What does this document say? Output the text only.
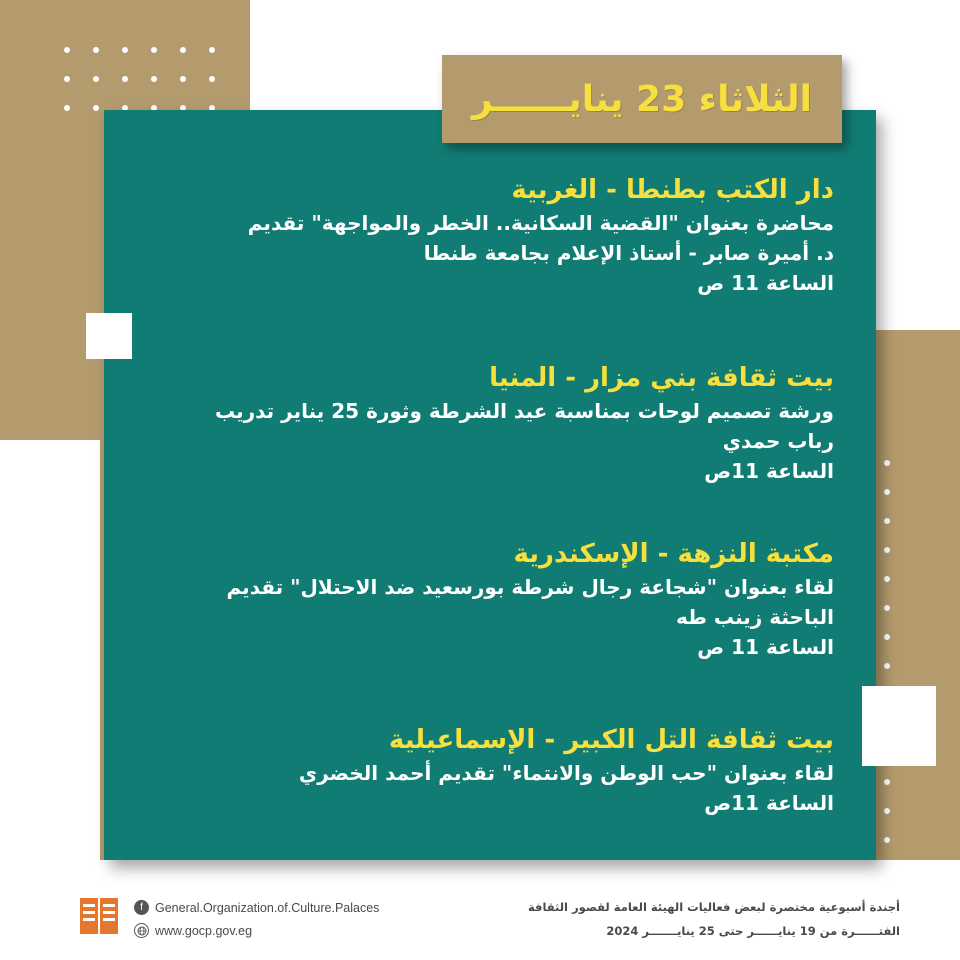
الثلاثاء 23 ينايــــــر
دار الكتب بطنطا - الغربية
محاضرة بعنوان "القضية السكانية.. الخطر والمواجهة" تقديم
د. أميرة صابر - أستاذ الإعلام بجامعة طنطا
الساعة 11 ص
بيت ثقافة بني مزار - المنيا
ورشة تصميم لوحات بمناسبة عيد الشرطة وثورة 25 يناير تدريب
رباب حمدي
الساعة 11ص
مكتبة النزهة - الإسكندرية
لقاء بعنوان "شجاعة رجال شرطة بورسعيد ضد الاحتلال" تقديم
الباحثة زينب طه
الساعة 11 ص
بيت ثقافة التل الكبير - الإسماعيلية
لقاء بعنوان "حب الوطن والانتماء" تقديم أحمد الخضري
الساعة 11ص
f General.Organization.of.Culture.Palaces
www.gocp.gov.eg
أجندة أسبوعية مختصرة لبعض فعاليات الهيئة العامة لقصور الثقافة
الفتــــــرة من 19 ينايــــــر حتى 25 ينايـــــــر 2024
